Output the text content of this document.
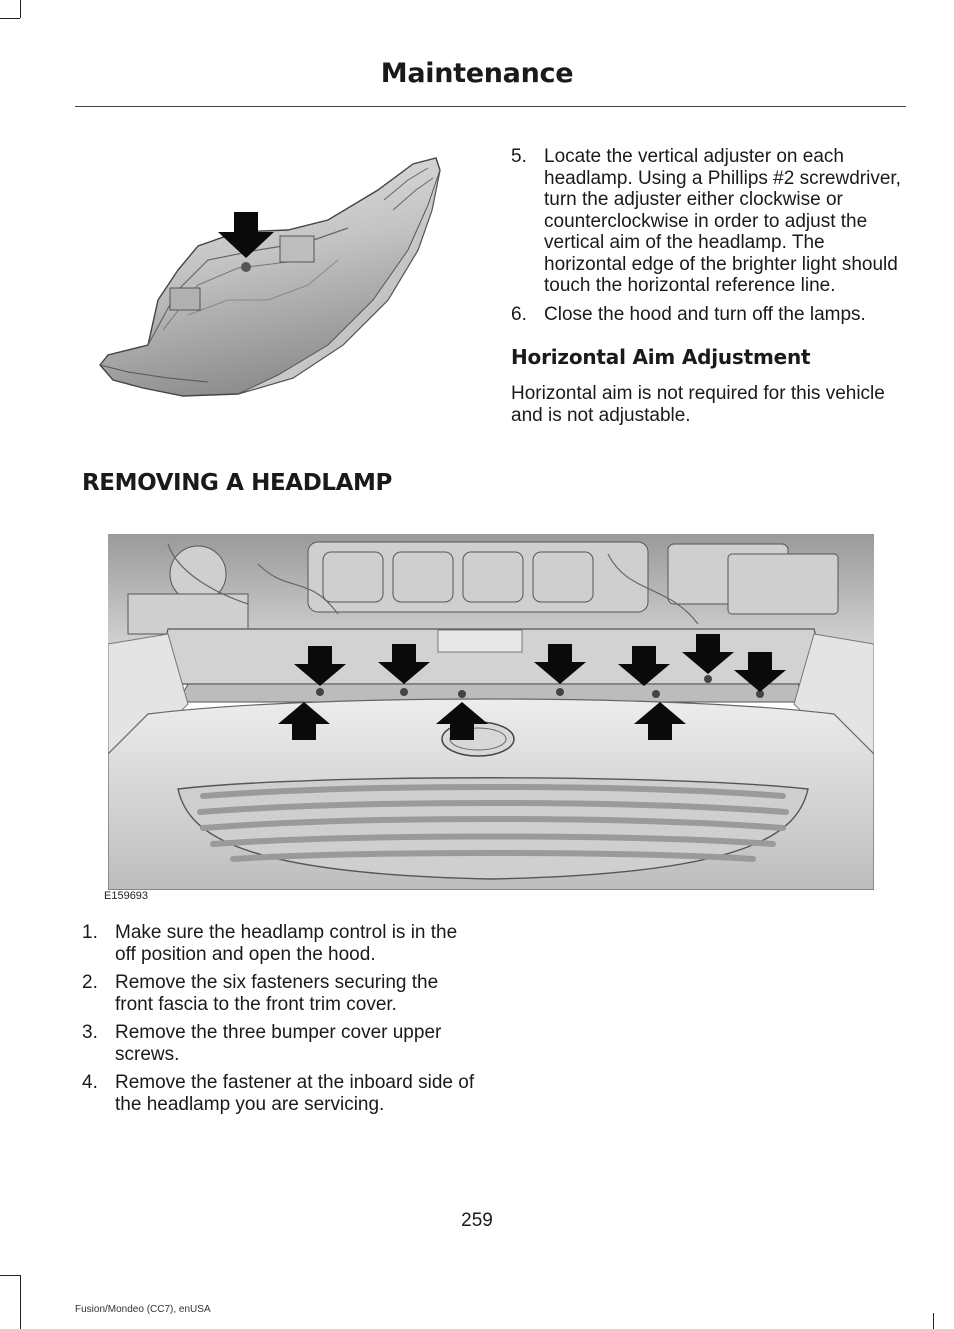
Maintenance
5. Locate the vertical adjuster on each headlamp. Using a Phillips #2 screwdriver, turn the adjuster either clockwise or counterclockwise in order to adjust the vertical aim of the headlamp. The horizontal edge of the brighter light should touch the horizontal reference line.
6. Close the hood and turn off the lamps.
Horizontal Aim Adjustment

Horizontal aim is not required for this vehicle and is not adjustable.

REMOVING A HEADLAMP
E159693
1. Make sure the headlamp control is in the off position and open the hood.
2. Remove the six fasteners securing the front fascia to the front trim cover.
3. Remove the three bumper cover upper screws.
4. Remove the fastener at the inboard side of the headlamp you are servicing.
259
Fusion/Mondeo (CC7), enUSA
